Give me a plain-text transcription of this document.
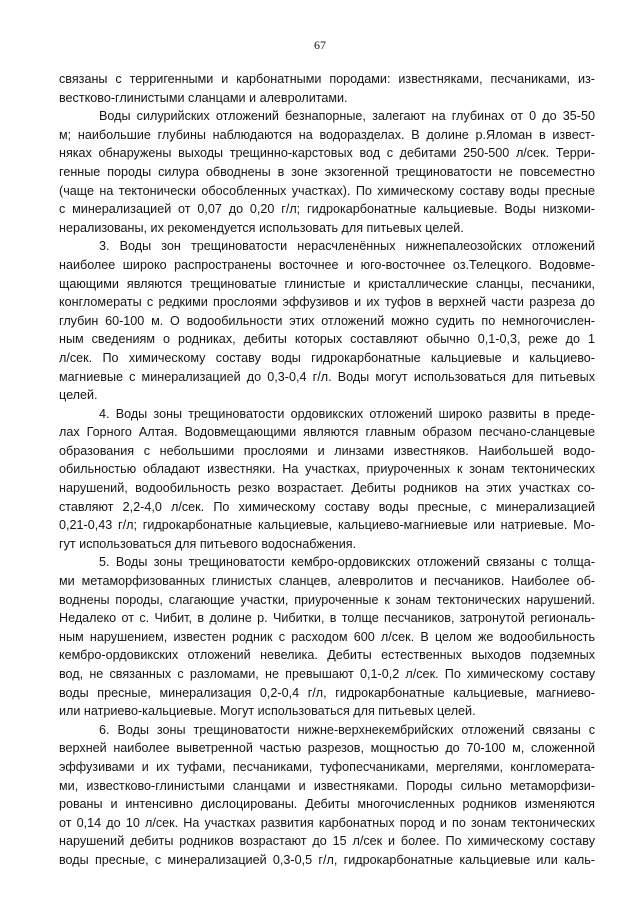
67
связаны с терригенными и карбонатными породами: известняками, песчаниками, из-
вестково-глинистыми сланцами и алевролитами.
Воды силурийских отложений безнапорные, залегают на глубинах от 0 до 35-50
м; наибольшие глубины наблюдаются на водоразделах. В долине р.Яломан в извест-
няках обнаружены выходы трещинно-карстовых вод с дебитами 250-500 л/сек. Терри-
генные породы силура обводнены в зоне экзогенной трещиноватости не повсеместно
(чаще на тектонически обособленных участках). По химическому составу воды пресные
с минерализацией от 0,07 до 0,20 г/л; гидрокарбонатные кальциевые. Воды низкоми-
нерализованы, их рекомендуется использовать для питьевых целей.
3. Воды зон трещиноватости нерасчленённых нижнепалеозойских отложений
наиболее широко распространены восточнее и юго-восточнее оз.Телецкого. Водовме-
щающими являются трещиноватые глинистые и кристаллические сланцы, песчаники,
конгломераты с редкими прослоями эффузивов и их туфов в верхней части разреза до
глубин 60-100 м. О водообильности этих отложений можно судить по немногочислен-
ным сведениям о родниках, дебиты которых составляют обычно 0,1-0,3, реже до 1
л/сек. По химическому составу воды гидрокарбонатные кальциевые и кальциево-
магниевые с минерализацией до 0,3-0,4 г/л. Воды могут использоваться для питьевых
целей.
4. Воды зоны трещиноватости ордовикских отложений широко развиты в преде-
лах Горного Алтая. Водовмещающими являются главным образом песчано-сланцевые
образования с небольшими прослоями и линзами известняков. Наибольшей водо-
обильностью обладают известняки. На участках, приуроченных к зонам тектонических
нарушений, водообильность резко возрастает. Дебиты родников на этих участках со-
ставляют 2,2-4,0 л/сек. По химическому составу воды пресные, с минерализацией
0,21-0,43 г/л; гидрокарбонатные кальциевые, кальциево-магниевые или натриевые. Мо-
гут использоваться для питьевого водоснабжения.
5. Воды зоны трещиноватости кембро-ордовикских отложений связаны с толща-
ми метаморфизованных глинистых сланцев, алевролитов и песчаников. Наиболее об-
воднены породы, слагающие участки, приуроченные к зонам тектонических нарушений.
Недалеко от с. Чибит, в долине р. Чибитки, в толще песчаников, затронутой региональ-
ным нарушением, известен родник с расходом 600 л/сек. В целом же водообильность
кембро-ордовикских отложений невелика. Дебиты естественных выходов подземных
вод, не связанных с разломами, не превышают 0,1-0,2 л/сек. По химическому составу
воды пресные, минерализация 0,2-0,4 г/л, гидрокарбонатные кальциевые, магниево-
или натриево-кальциевые. Могут использоваться для питьевых целей.
6. Воды зоны трещиноватости нижне-верхнекембрийских отложений связаны с
верхней наиболее выветренной частью разрезов, мощностью до 70-100 м, сложенной
эффузивами и их туфами, песчаниками, туфопесчаниками, мергелями, конгломерата-
ми, известково-глинистыми сланцами и известняками. Породы сильно метаморфизи-
рованы и интенсивно дислоцированы. Дебиты многочисленных родников изменяются
от 0,14 до 10 л/сек. На участках развития карбонатных пород и по зонам тектонических
нарушений дебиты родников возрастают до 15 л/сек и более. По химическому составу
воды пресные, с минерализацией 0,3-0,5 г/л, гидрокарбонатные кальциевые или каль-
